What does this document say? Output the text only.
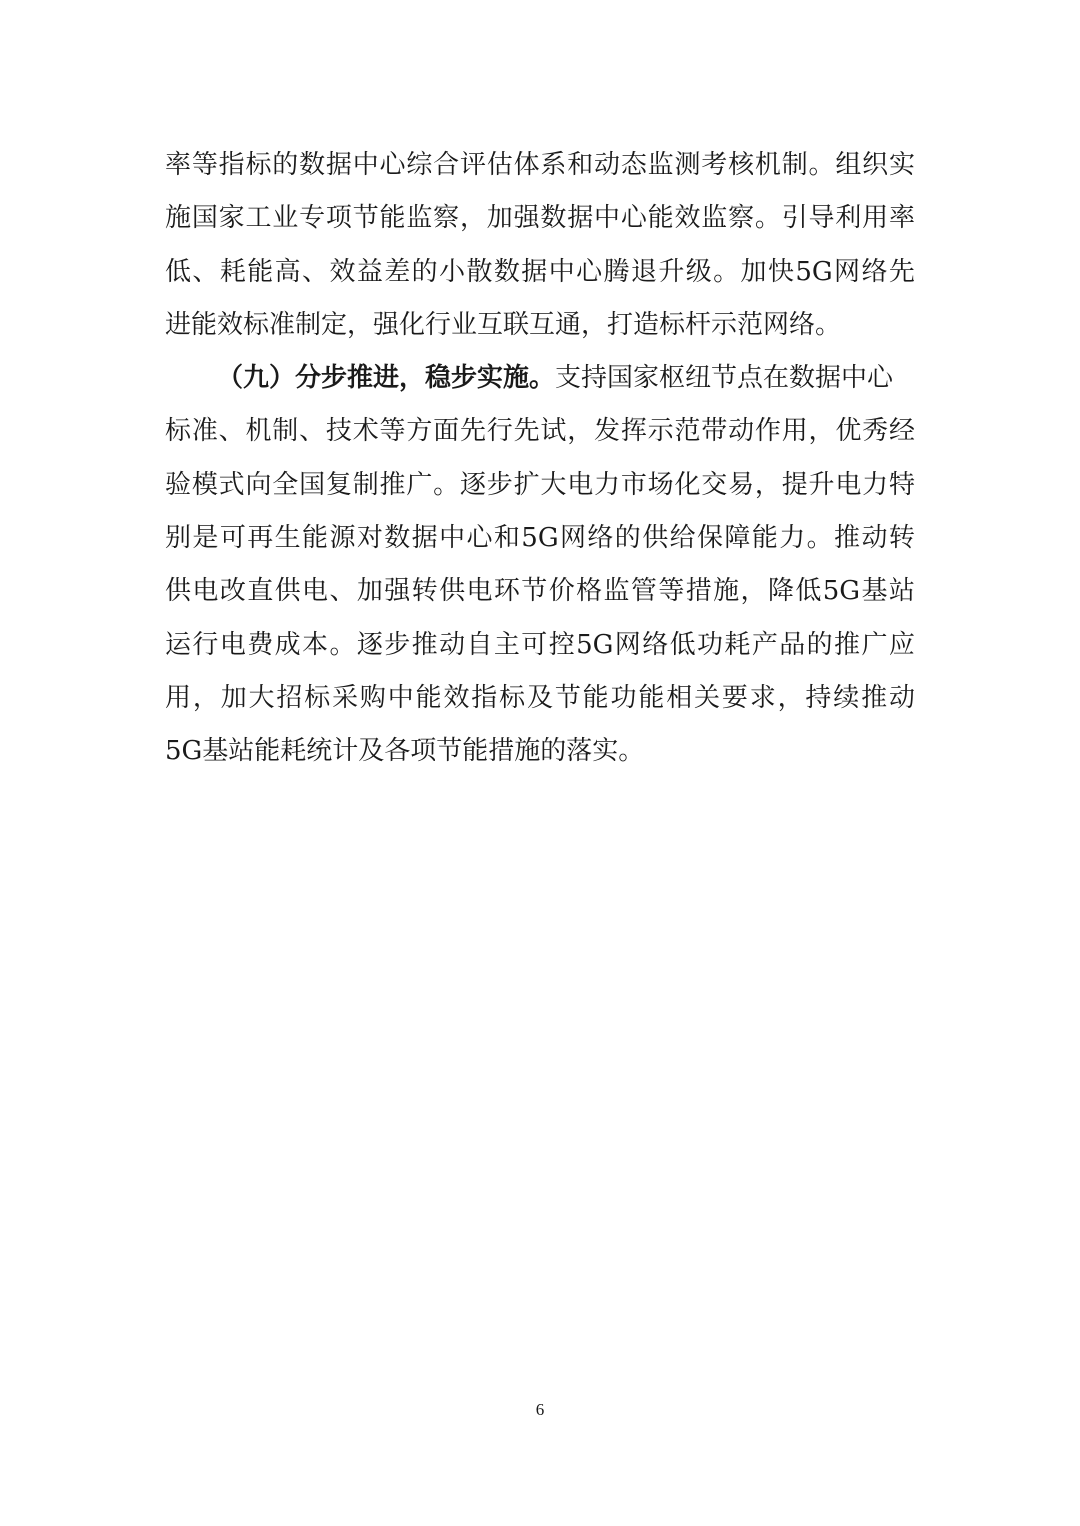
率 等 指 标 的 数 据 中 心 综 合 评 估 体 系 和 动 态 监 测 考 核 机 制 。 组 织 实
施 国 家 工 业 专 项 节 能 监 察 ， 加 强 数 据 中 心 能 效 监 察 。 引 导 利 用 率
低 、 耗 能 高 、 效 益 差 的 小 散 数 据 中 心 腾 退 升 级 。 加 快 5G 网 络 先
进能效标准制定，强化行业互联互通，打造标杆示范网络。
（九）分步推进，稳步实施。支持国家枢纽节点在数据中心
标 准 、 机 制 、 技 术 等 方 面 先 行 先 试 ， 发 挥 示 范 带 动 作 用 ， 优 秀 经
验 模 式 向 全 国 复 制 推 广 。 逐 步 扩 大 电 力 市 场 化 交 易 ， 提 升 电 力 特
别 是 可 再 生 能 源 对 数 据 中 心 和 5G 网 络 的 供 给 保 障 能 力 。 推 动 转
供 电 改 直 供 电 、 加 强 转 供 电 环 节 价 格 监 管 等 措 施 ， 降 低 5G 基 站
运 行 电 费 成 本 。 逐 步 推 动 自 主 可 控 5G 网 络 低 功 耗 产 品 的 推 广 应
用 ， 加 大 招 标 采 购 中 能 效 指 标 及 节 能 功 能 相 关 要 求 ， 持 续 推 动
5G基站能耗统计及各项节能措施的落实。
6
